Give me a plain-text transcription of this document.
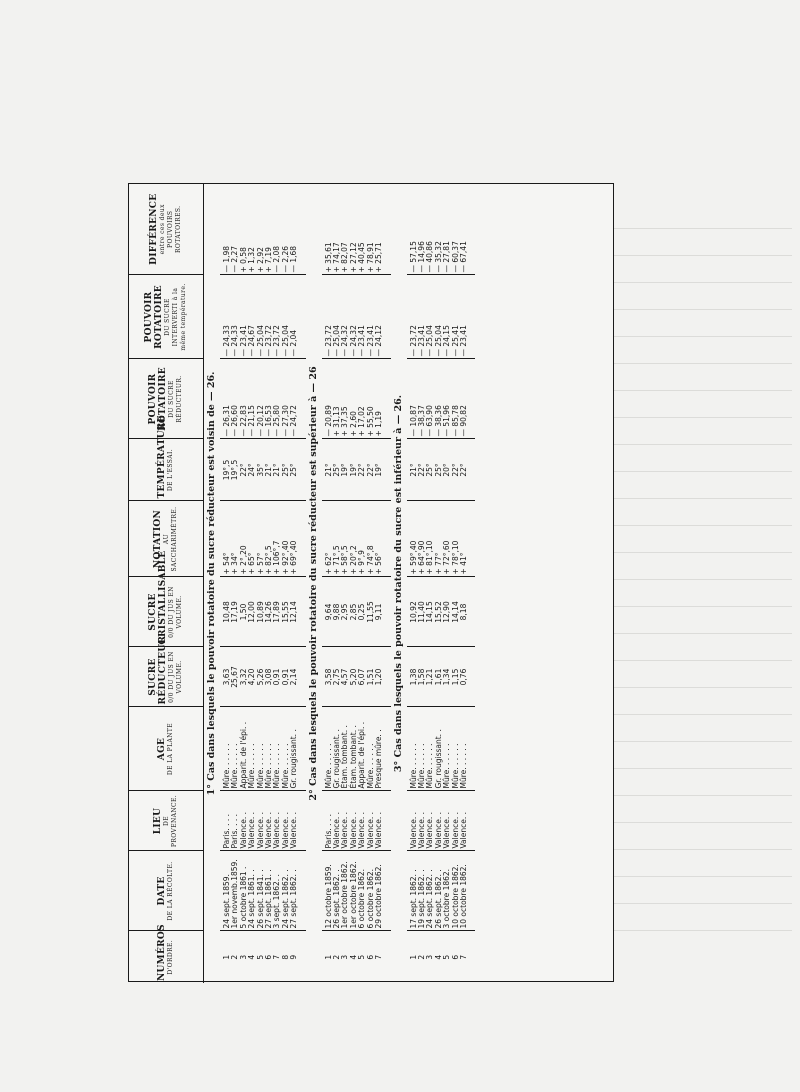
NUMÉROS D'ORDRE.	DATE DE LA RÉCOLTE.	LIEU DE PROVENANCE.	AGE DE LA PLANTE	SUCRE RÉDUCTEUR 0/0 DU JUS EN VOLUME.	SUCRE CRISTALLISABLE 0/0 DU JUS EN VOLUME.	NOTATION AU SACCHARIMÈTRE.	TEMPÉRATURE DE L'ESSAI.	POUVOIR ROTATOIRE DU SUCRE RÉDUCTEUR.	POUVOIR ROTATOIRE DU SUCRE INTERVERTI à la même température.	DIFFÉRENCE entre ces deux POUVOIRS ROTATOIRES.

1° Cas dans lesquels le pouvoir rotatoire du sucre réducteur est voisin de — 26.										
1	24 sept. 1859.	Paris. . . .	Mûre. . . . . .	3,63	10,48	+ 54°	19°,5	— 26,31	— 24,33	— 1,98
2	1er novemb.1859.	Paris. . . .	Mûre. . . . . .	25,67	17,19	+ 34°	19°,5	— 26,60	— 24,33	— 2,27
3	5 octobre 1861 .	Valence. .	Apparit. de l'épi. .	3,32	1,50	+ 2°,20	22°	— 22,83	— 23,41	+ 0,58
4	24 sept. 1861. .	Valence. .	Mûre. . . . . .	4,20	12,00	+ 65°	24°	— 21,15	— 24,67	+ 1,32
5	26 sept. 1841. .	Valence. .	Mûre. . . . . .	5,26	10,89	+ 57°	35°	— 20,12	— 25,04	+ 2,92
6	27 sept. 1861. .	Valence. .	Mûre. . . . . .	3,08	14,26	+ 82°,5	21°	— 16,53	— 23,72	+ 7,19
7	3 sept. 1862. .	Valence. .	Mûre. . . . . .	0,91	17,89	+ 106°,7	21°	— 25,80	— 23,72	— 2,08
8	24 sept. 1862. .	Valence. .	Mûre. . . . . .	0,91	15,55	+ 92°,40	25°	— 27,30	— 25,04	— 2,26
9	27 sept. 1862. .	Valence. .	Gr. rougissant. .	2,14	12,14	+ 69°,40	25°	— 24,72	— 2,04	— 1,68

2° Cas dans lesquels le pouvoir rotatoire du sucre réducteur est supérieur à — 26										
1	12 octobre 1859.	Paris. . . .	Mûre. . . . . .	3,58	9,64	+ 62°	21°	— 20,89	— 23,72	+ 35,61
2	26 sept. 1862. .	Valence. .	Gr. rougissant. .	2,75	9,88	+ 71°,5	25°	+ 31,13	— 25,04	+ 74,17
3	1er octobre 1862.	Valence. .	Étam. tombant. .	4,57	2,95	+ 58°,5	19°	+ 37,35	— 24,32	+ 82,07
4	1er octobre 1862.	Valence. .	Étam. tombant. .	5,20	2,85	+ 20°,2	19°	+ 2,60	— 24,32	+ 27,12
5	6 octobre 1862.	Valence. .	Apparit. de l'épi. .	6,07	0,25	+ 9°,9	22°	+ 17,02	— 23,41	+ 40,45
6	6 octobre 1862.	Valence. .	Mûre. . . . . .	1,51	11,55	+ 74°,8	22°	+ 55,50	— 23,41	+ 78,91
7	29 octobre 1862.	Valence. .	Presque mûre. .	1,20	9,11	+ 56°	19°	+ 1,19	— 24,12	+ 25,71

3° Cas dans lesquels le pouvoir rotatoire du sucre est inférieur à — 26.										
1	17 sept. 1862. .	Valence. .	Mûre. . . . . .	1,38	10,92	+ 59°,40	21°	— 10,87	— 23,72	— 57,15
2	19 sept. 1862. .	Valence. .	Mûre. . . . . .	1,58	11,40	+ 64°,90	22°	— 38,37	— 23,41	— 14,96
3	24 sept. 1862. .	Valence. .	Mûre. . . . . .	1,21	14,15	+ 81°,10	25°	— 63,90	— 25,04	— 40,86
4	26 sept. 1862. .	Valence. .	Gr. rougissant. .	1,61	15,52	+ 77°	25°	— 38,36	— 25,04	— 35,32
5	3 octobre 1862.	Valence. .	Mûre. . . . . .	1,34	12,90	+ 72°,60	20°	— 51,96	— 24,15	— 27,81
6	10 octobre 1862.	Valence. .	Mûre. . . . . .	1,15	14,14	+ 78°,10	22°	— 85,78	— 25,41	— 60,37
7	10 octobre 1862.	Valence. .	Mûre. . . . . .	0,76	8,18	+ 41°	22°	— 90,82	— 23,41	— 67,41
